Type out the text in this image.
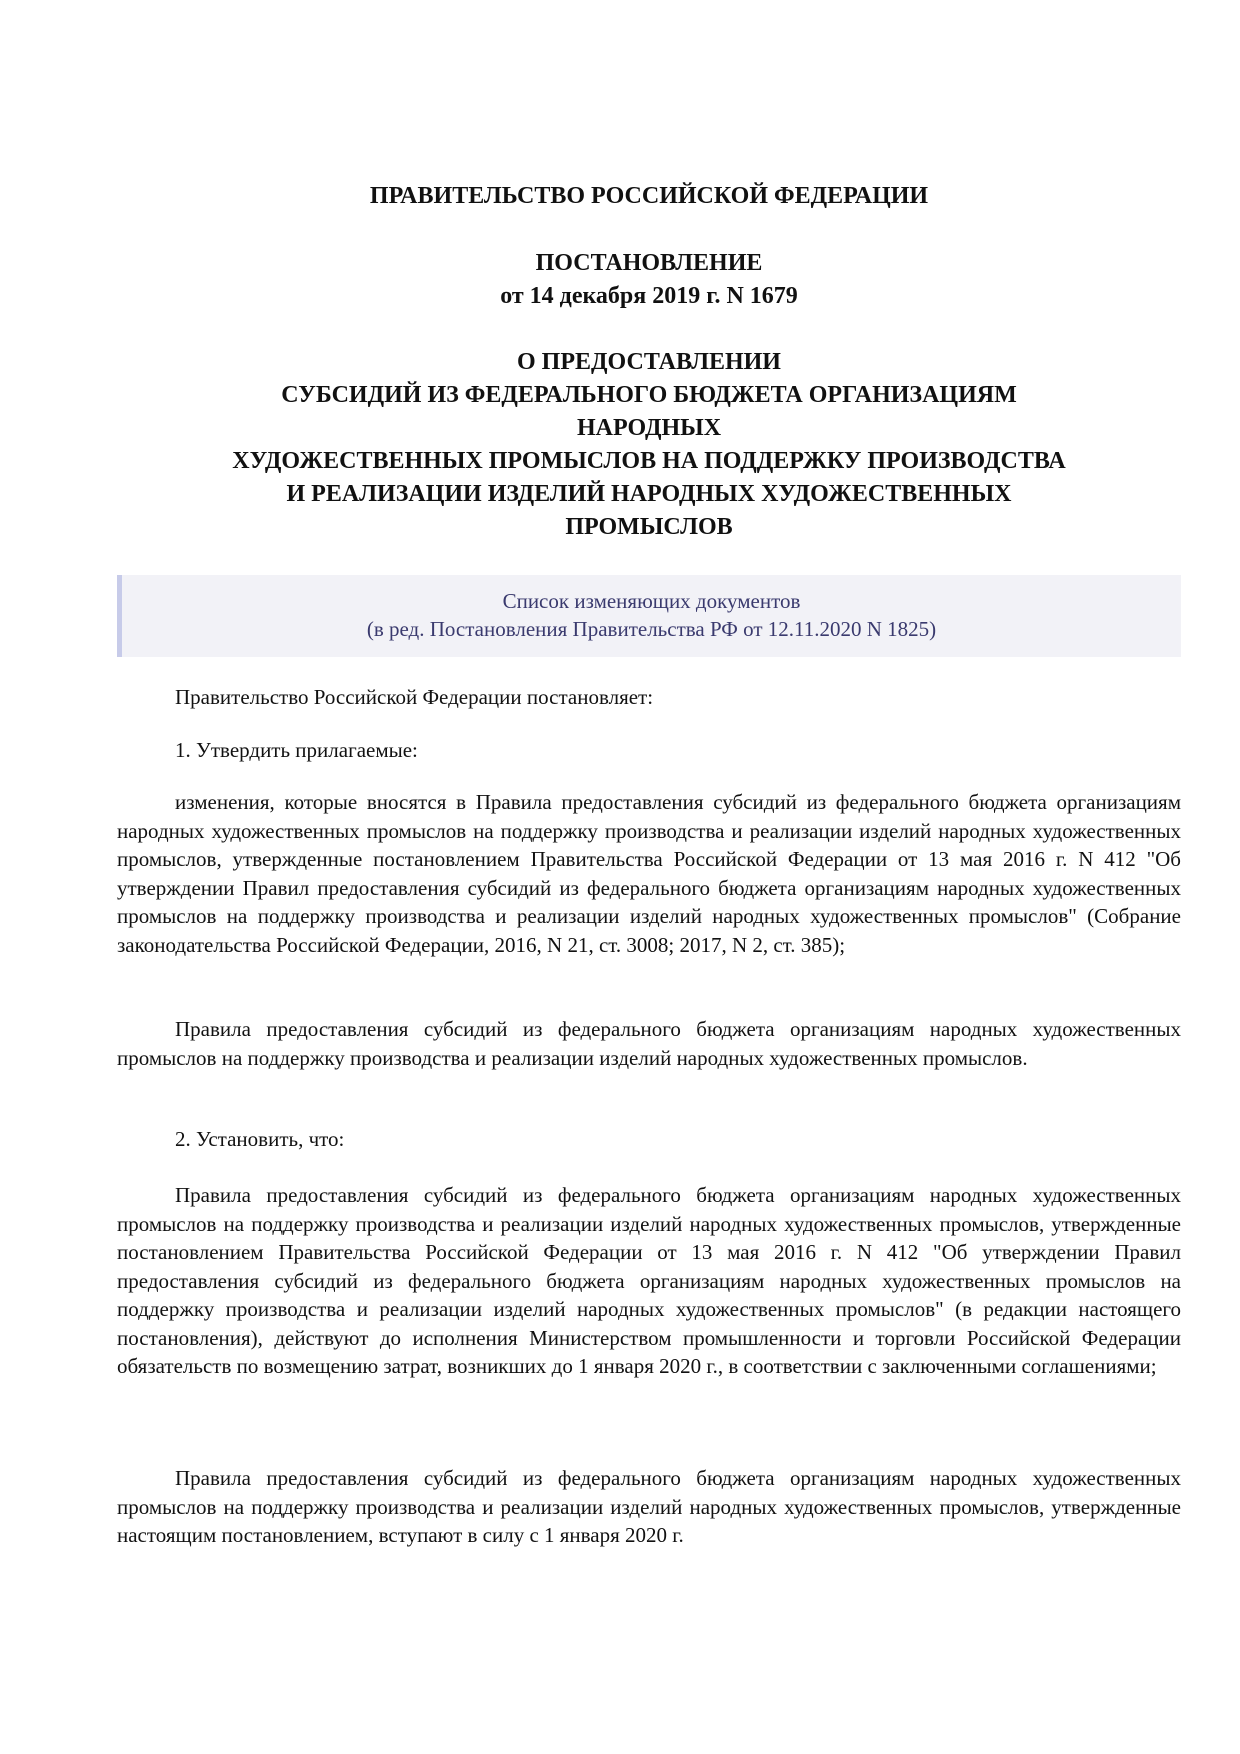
ПРАВИТЕЛЬСТВО РОССИЙСКОЙ ФЕДЕРАЦИИ
ПОСТАНОВЛЕНИЕ
от 14 декабря 2019 г. N 1679
О ПРЕДОСТАВЛЕНИИ
СУБСИДИЙ ИЗ ФЕДЕРАЛЬНОГО БЮДЖЕТА ОРГАНИЗАЦИЯМ
НАРОДНЫХ
ХУДОЖЕСТВЕННЫХ ПРОМЫСЛОВ НА ПОДДЕРЖКУ ПРОИЗВОДСТВА
И РЕАЛИЗАЦИИ ИЗДЕЛИЙ НАРОДНЫХ ХУДОЖЕСТВЕННЫХ
ПРОМЫСЛОВ
Список изменяющих документов
(в ред. Постановления Правительства РФ от 12.11.2020 N 1825)
Правительство Российской Федерации постановляет:
1. Утвердить прилагаемые:
изменения, которые вносятся в Правила предоставления субсидий из федерального бюджета организациям народных художественных промыслов на поддержку производства и реализации изделий народных художественных промыслов, утвержденные постановлением Правительства Российской Федерации от 13 мая 2016 г. N 412 "Об утверждении Правил предоставления субсидий из федерального бюджета организациям народных художественных промыслов на поддержку производства и реализации изделий народных художественных промыслов" (Собрание законодательства Российской Федерации, 2016, N 21, ст. 3008; 2017, N 2, ст. 385);
Правила предоставления субсидий из федерального бюджета организациям народных художественных промыслов на поддержку производства и реализации изделий народных художественных промыслов.
2. Установить, что:
Правила предоставления субсидий из федерального бюджета организациям народных художественных промыслов на поддержку производства и реализации изделий народных художественных промыслов, утвержденные постановлением Правительства Российской Федерации от 13 мая 2016 г. N 412 "Об утверждении Правил предоставления субсидий из федерального бюджета организациям народных художественных промыслов на поддержку производства и реализации изделий народных художественных промыслов" (в редакции настоящего постановления), действуют до исполнения Министерством промышленности и торговли Российской Федерации обязательств по возмещению затрат, возникших до 1 января 2020 г., в соответствии с заключенными соглашениями;
Правила предоставления субсидий из федерального бюджета организациям народных художественных промыслов на поддержку производства и реализации изделий народных художественных промыслов, утвержденные настоящим постановлением, вступают в силу с 1 января 2020 г.
